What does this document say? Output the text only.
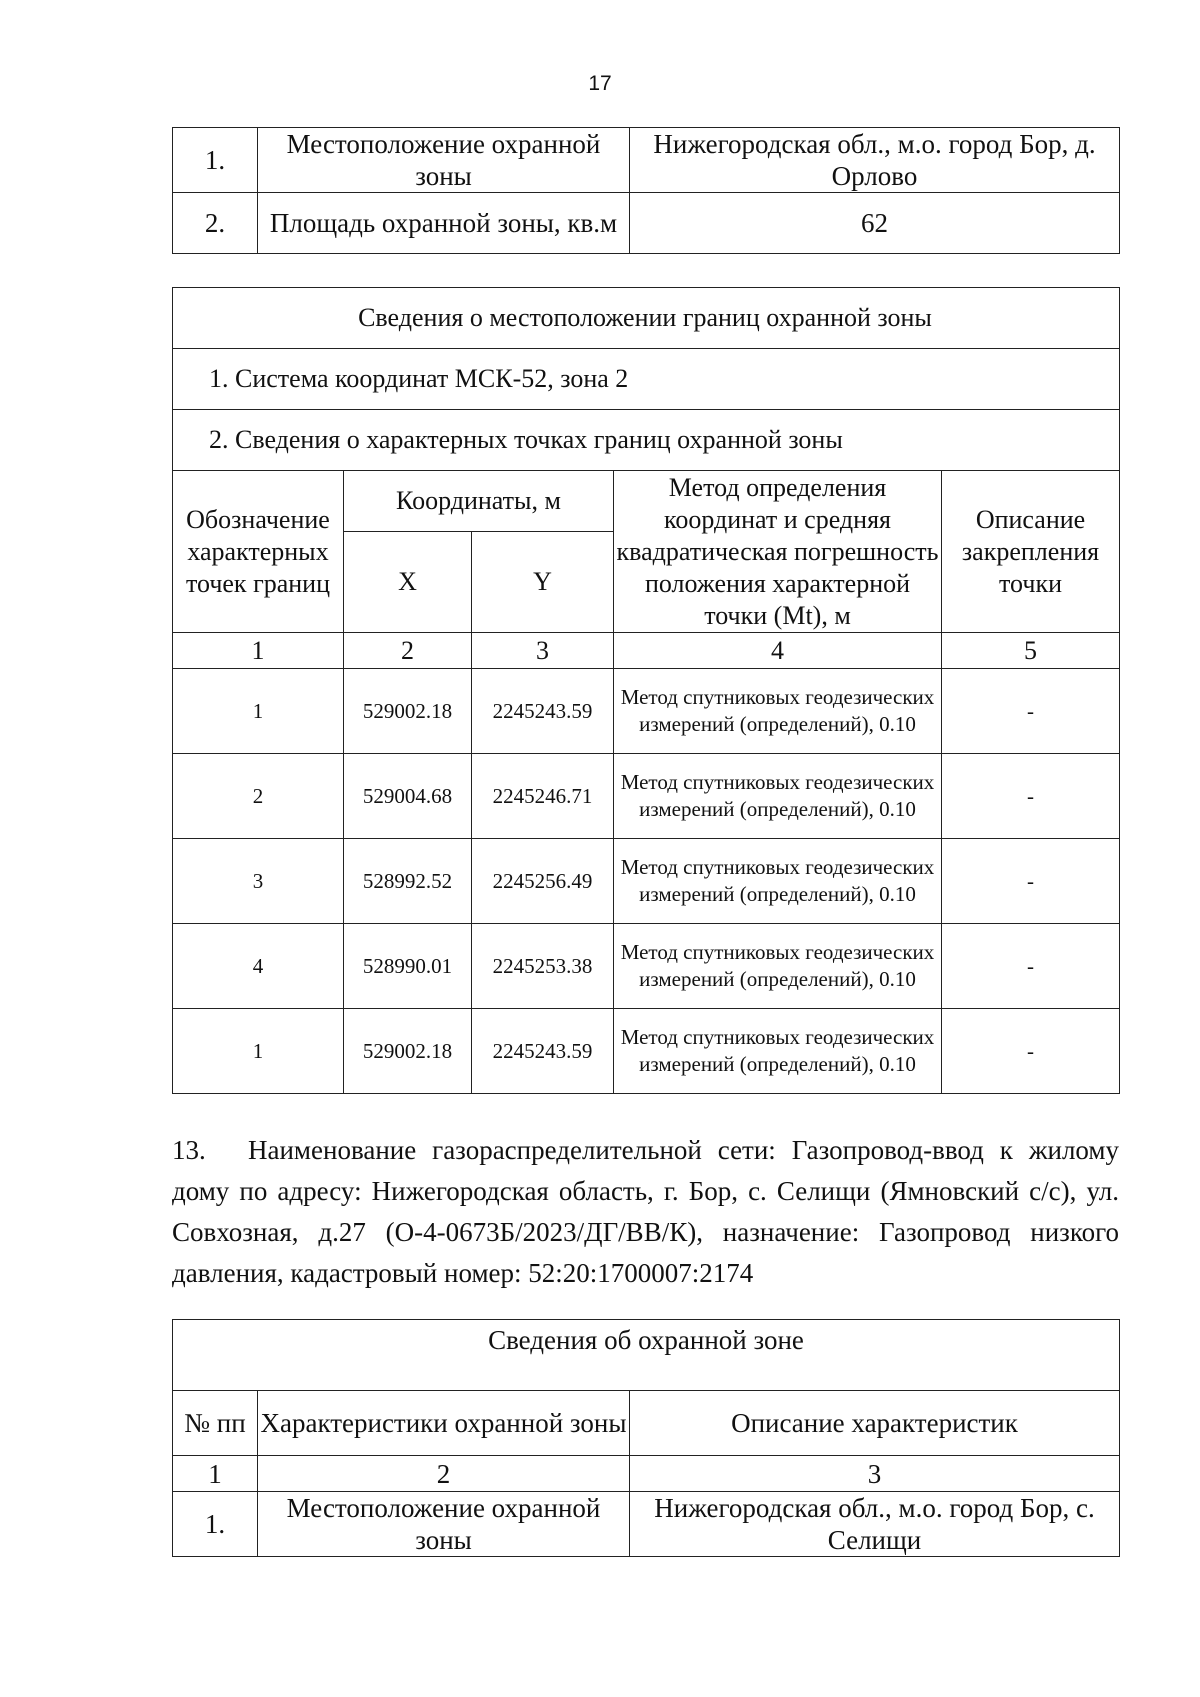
17
1.	Местоположение охранной зоны	Нижегородская обл., м.о. город Бор, д. Орлово
2.	Площадь охранной зоны, кв.м	62
Сведения о местоположении границ охранной зоны				
1. Система координат МСК-52, зона 2				
2. Сведения о характерных точках границ охранной зоны				
Обозначение характерных точек границ	Координаты, м		Метод определения координат и средняя квадратическая погрешность положения характерной точки (Mt), м	Описание закрепления точки
	X	Y		
1	2	3	4	5
1	529002.18	2245243.59	Метод спутниковых геодезических измерений (определений), 0.10	-
2	529004.68	2245246.71	Метод спутниковых геодезических измерений (определений), 0.10	-
3	528992.52	2245256.49	Метод спутниковых геодезических измерений (определений), 0.10	-
4	528990.01	2245253.38	Метод спутниковых геодезических измерений (определений), 0.10	-
1	529002.18	2245243.59	Метод спутниковых геодезических измерений (определений), 0.10	-
13. Наименование газораспределительной сети: Газопровод-ввод к жилому дому по адресу: Нижегородская область, г. Бор, с. Селищи (Ямновский с/с), ул. Совхозная, д.27 (О-4-0673Б/2023/ДГ/ВВ/К), назначение: Газопровод низкого давления, кадастровый номер: 52:20:1700007:2174
Сведения об охранной зоне		
№ пп	Характеристики охранной зоны	Описание характеристик
1	2	3
1.	Местоположение охранной зоны	Нижегородская обл., м.о. город Бор, с. Селищи
